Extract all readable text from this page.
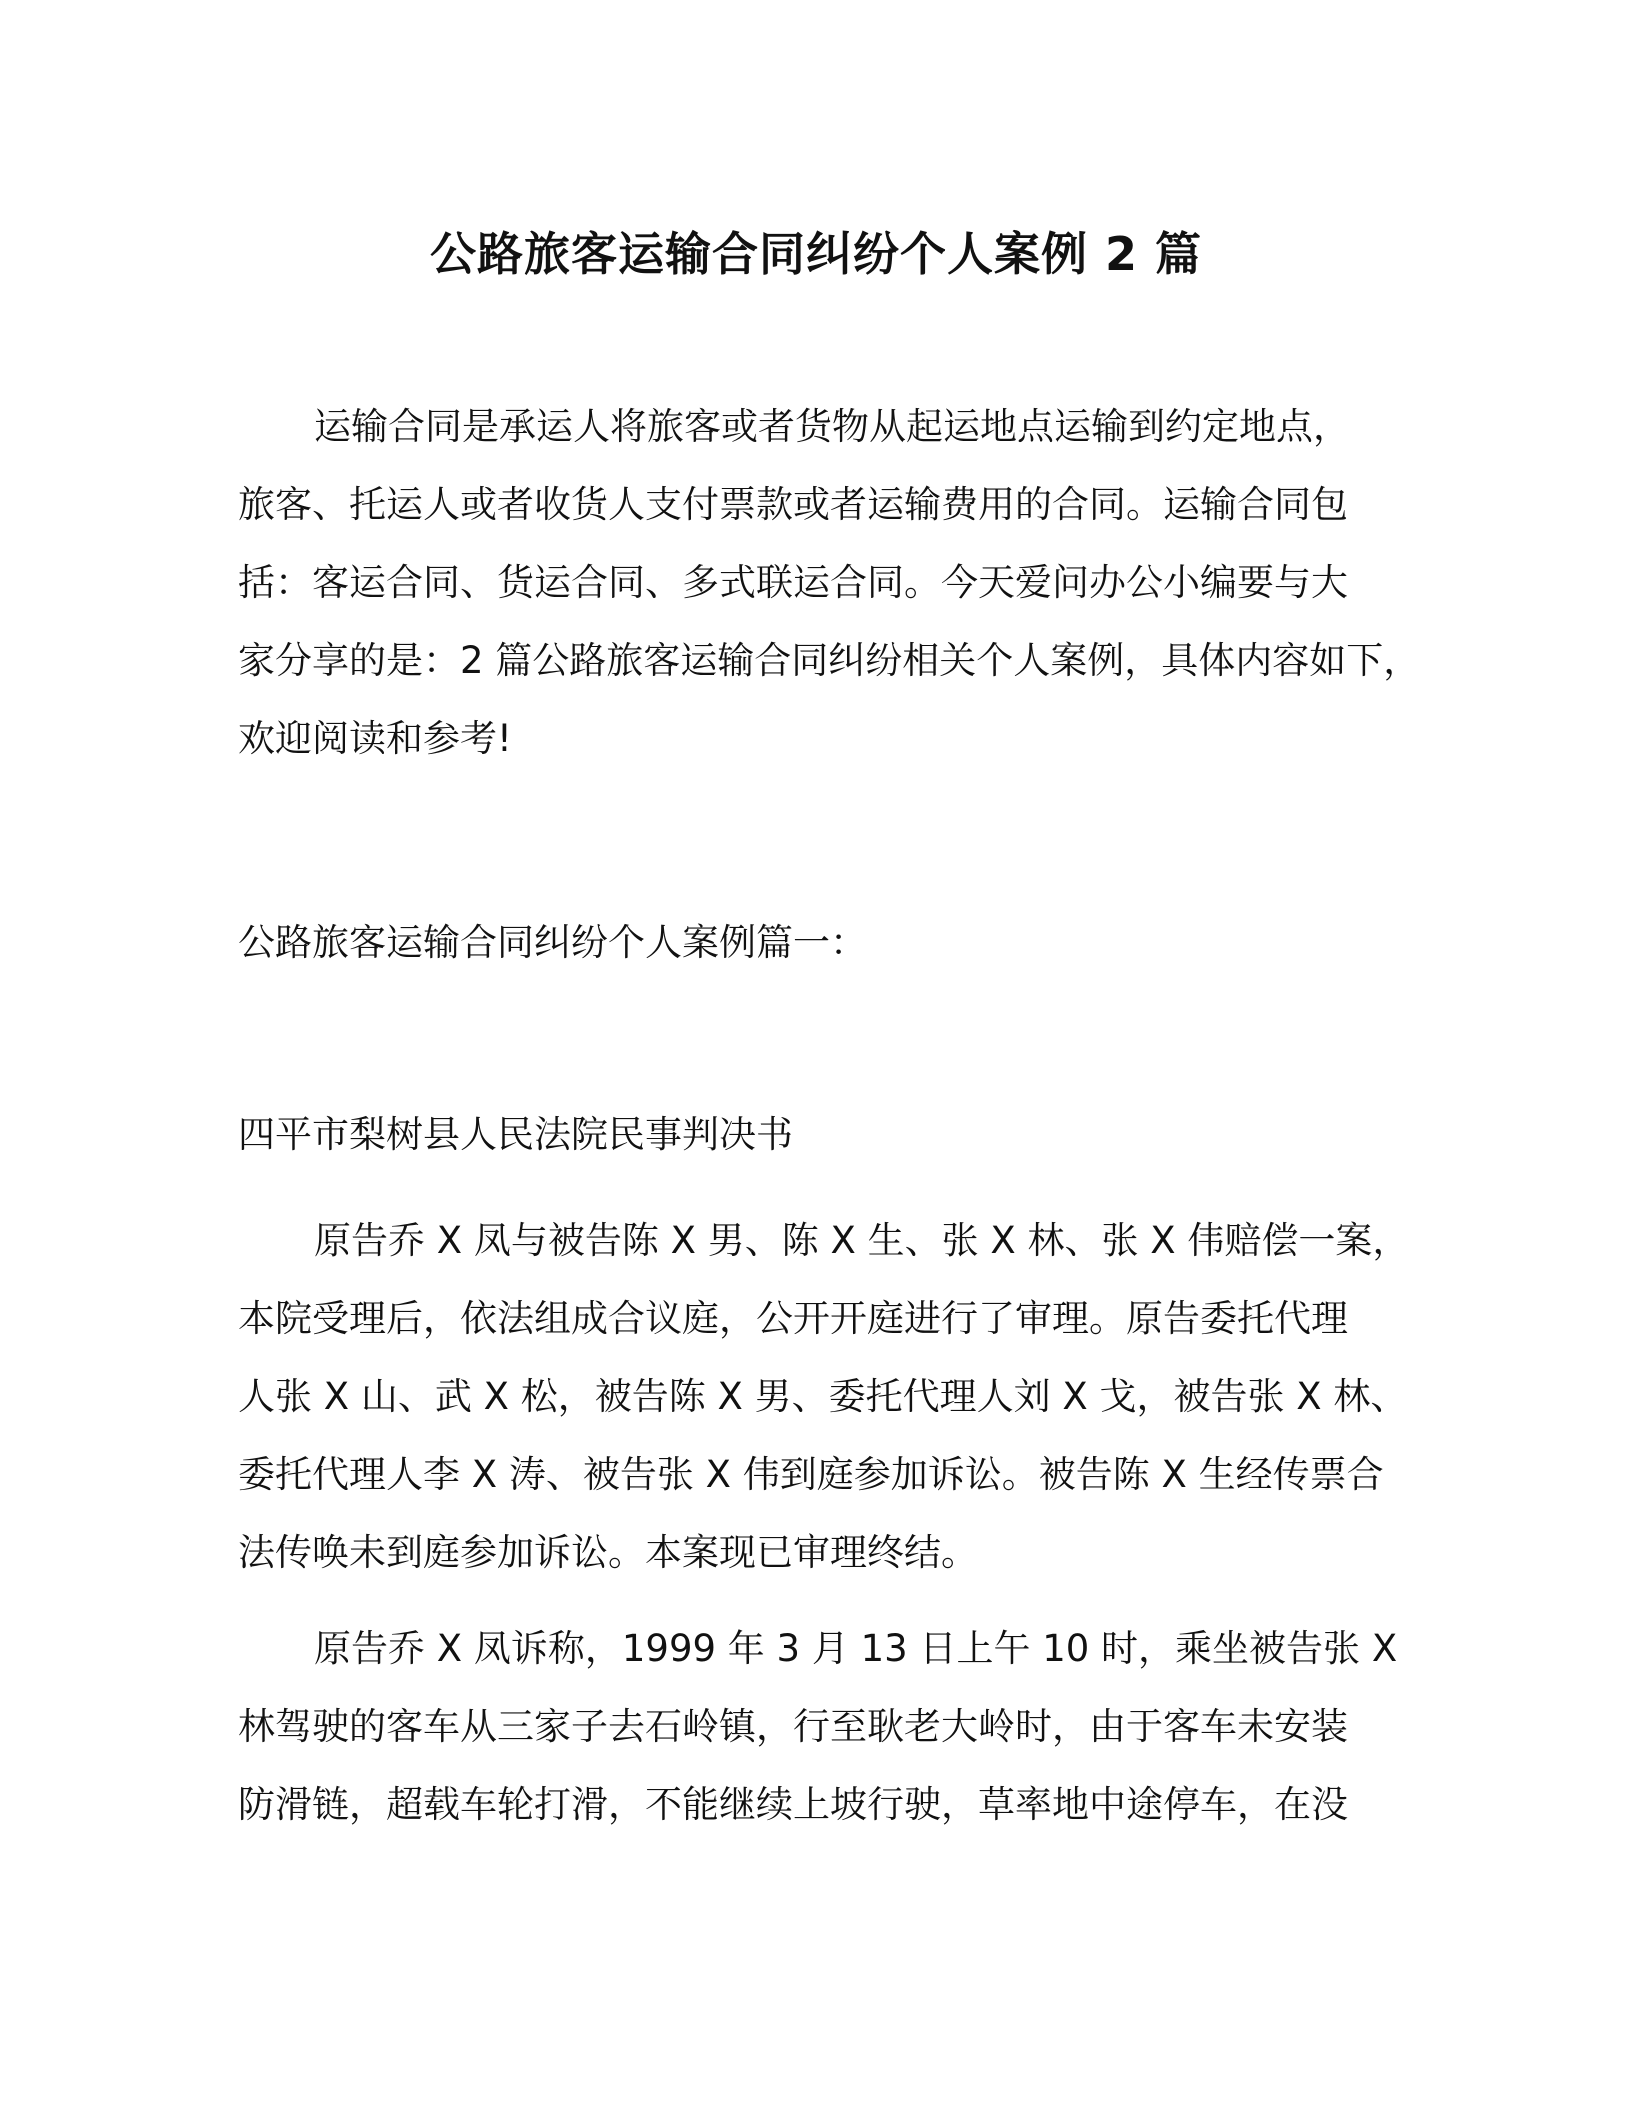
公路旅客运输合同纠纷个人案例 2 篇

运输合同是承运人将旅客或者货物从起运地点运输到约定地点，
旅客、托运人或者收货人支付票款或者运输费用的合同。运输合同包
括：客运合同、货运合同、多式联运合同。今天爱问办公小编要与大
家分享的是：2 篇公路旅客运输合同纠纷相关个人案例，具体内容如下，
欢迎阅读和参考!

公路旅客运输合同纠纷个人案例篇一：

四平市梨树县人民法院民事判决书

原告乔 X 凤与被告陈 X 男、陈 X 生、张 X 林、张 X 伟赔偿一案，
本院受理后，依法组成合议庭，公开开庭进行了审理。原告委托代理
人张 X 山、武 X 松，被告陈 X 男、委托代理人刘 X 戈，被告张 X 林、
委托代理人李 X 涛、被告张 X 伟到庭参加诉讼。被告陈 X 生经传票合
法传唤未到庭参加诉讼。本案现已审理终结。

原告乔 X 凤诉称，1999 年 3 月 13 日上午 10 时，乘坐被告张 X
林驾驶的客车从三家子去石岭镇，行至耿老大岭时，由于客车未安装
防滑链，超载车轮打滑，不能继续上坡行驶，草率地中途停车，在没
